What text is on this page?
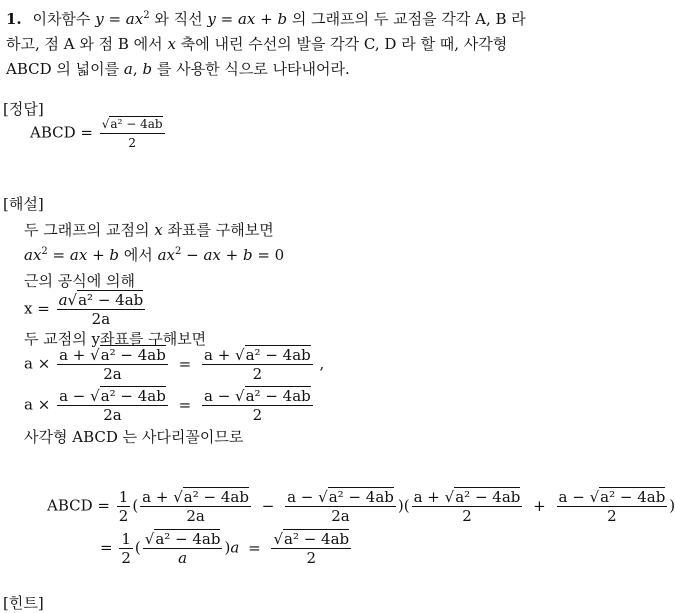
1. 이차함수 $y = ax^2$ 와 직선 y = ax + b 의 그래프의 두 교점을 각각 A, B 라
하고, 점 A 와 점 B 에서 x 축에 내린 수선의 발을 각각 C, D 라 할 때, 사각형
ABCD 의 넓이를 a, b 를 사용한 식으로 나타내어라.
[정답]
ABCD = $\frac{\text{√a² − 4ab}}{2}$
[해설]
두 그래프의 교점의 x 좌표를 구해보면
$ax^2$ = ax + b 에서 $ax^2$ − ax + b = 0
근의 공식에 의해
$x = \frac{\text{a√a² − 4ab}}{2a}$
두 교점의 y좌표를 구해보면
$a \times \frac{\text{a + √a² − 4ab}}{2a} = \frac{\text{a + √a² − 4ab}}{2}$ ,
$a \times \frac{\text{a − √a² − 4ab}}{2a} = \frac{\text{a − √a² − 4ab}}{2}$
사각형 ABCD 는 사다리꼴이므로
ABCD = $\frac{1}{2}$ ( $\frac{\text{a + √a² − 4ab}}{2a} - \frac{\text{a − √a² − 4ab}}{2a}$ )( $\frac{\text{a + √a² − 4ab}}{2} + \frac{\text{a − √a² − 4ab}}{2}$ )
= $\frac{1}{2}$ ( $\frac{\text{√a² − 4ab}}{a} )a = \frac{\text{√a² − 4ab}}{2}$
[힌트]
